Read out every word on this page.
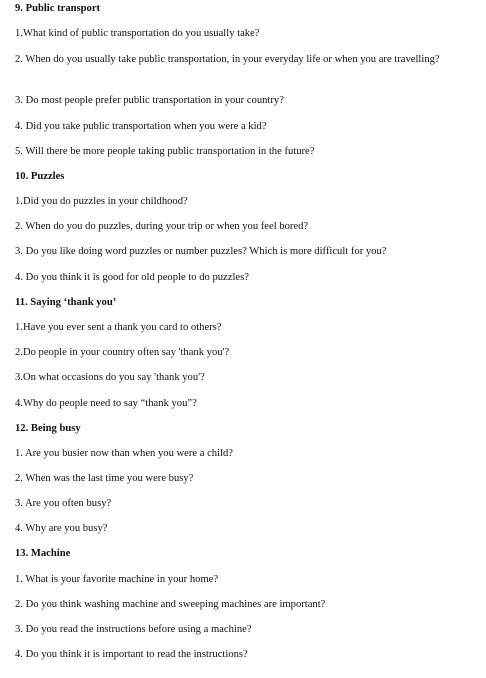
9. Public transport
1.What kind of public transportation do you usually take?
2. When do you usually take public transportation, in your everyday life or when you are travelling?
3. Do most people prefer public transportation in your country?
4. Did you take public transportation when you were a kid?
5. Will there be more people taking public transportation in the future?
10. Puzzles
1.Did you do puzzles in your childhood?
2. When do you do puzzles, during your trip or when you feel bored?
3. Do you like doing word puzzles or number puzzles? Which is more difficult for you?
4. Do you think it is good for old people to do puzzles?
11. Saying ‘thank you’
1.Have you ever sent a thank you card to others?
2.Do people in your country often say 'thank you'?
3.On what occasions do you say 'thank you'?
4.Why do people need to say “thank you”?
12. Being busy
1. Are you busier now than when you were a child?
2. When was the last time you were busy?
3. Are you often busy?
4. Why are you busy?
13. Machine
1. What is your favorite machine in your home?
2. Do you think washing machine and sweeping machines are important?
3. Do you read the instructions before using a machine?
4. Do you think it is important to read the instructions?
